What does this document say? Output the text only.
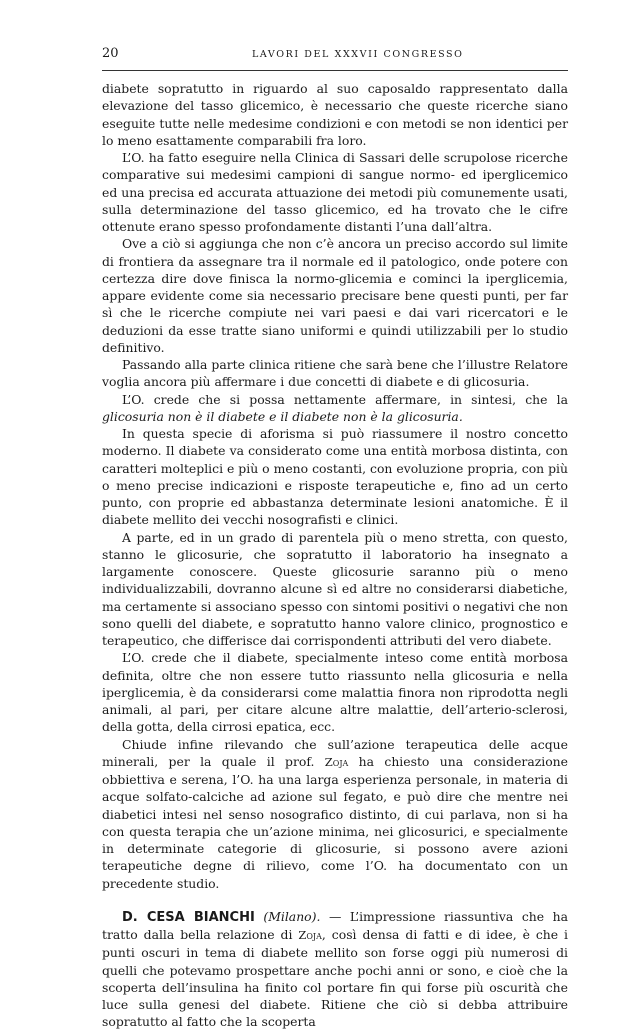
20	LAVORI DEL XXXVII CONGRESSO

diabete sopratutto in riguardo al suo caposaldo rappresentato dalla elevazione del tasso glicemico, è necessario che queste ricerche siano eseguite tutte nelle medesime condizioni e con metodi se non identici per lo meno esattamente comparabili fra loro.

L’O. ha fatto eseguire nella Clinica di Sassari delle scrupolose ricerche comparative sui medesimi campioni di sangue normo- ed iperglicemico ed una precisa ed accurata attuazione dei metodi più comunemente usati, sulla determinazione del tasso glicemico, ed ha trovato che le cifre ottenute erano spesso profondamente distanti l’una dall’altra.

Ove a ciò si aggiunga che non c’è ancora un preciso accordo sul limite di frontiera da assegnare tra il normale ed il patologico, onde potere con certezza dire dove finisca la normo-glicemia e cominci la iperglicemia, appare evidente come sia necessario precisare bene questi punti, per far sì che le ricerche compiute nei vari paesi e dai vari ricercatori e le deduzioni da esse tratte siano uniformi e quindi utilizzabili per lo studio definitivo.

Passando alla parte clinica ritiene che sarà bene che l’illustre Relatore voglia ancora più affermare i due concetti di diabete e di glicosuria.

L’O. crede che si possa nettamente affermare, in sintesi, che la glicosuria non è il diabete e il diabete non è la glicosuria.

In questa specie di aforisma si può riassumere il nostro concetto moderno. Il diabete va considerato come una entità morbosa distinta, con caratteri molteplici e più o meno costanti, con evoluzione propria, con più o meno precise indicazioni e risposte terapeutiche e, fino ad un certo punto, con proprie ed abbastanza determinate lesioni anatomiche. È il diabete mellito dei vecchi nosografisti e clinici.

A parte, ed in un grado di parentela più o meno stretta, con questo, stanno le glicosurie, che sopratutto il laboratorio ha insegnato a largamente conoscere. Queste glicosurie saranno più o meno individualizzabili, dovranno alcune sì ed altre no considerarsi diabetiche, ma certamente si associano spesso con sintomi positivi o negativi che non sono quelli del diabete, e sopratutto hanno valore clinico, prognostico e terapeutico, che differisce dai corrispondenti attributi del vero diabete.

L’O. crede che il diabete, specialmente inteso come entità morbosa definita, oltre che non essere tutto riassunto nella glicosuria e nella iperglicemia, è da considerarsi come malattia finora non riprodotta negli animali, al pari, per citare alcune altre malattie, dell’arterio-sclerosi, della gotta, della cirrosi epatica, ecc.

Chiude infine rilevando che sull’azione terapeutica delle acque minerali, per la quale il prof. Zoja ha chiesto una considerazione obbiettiva e serena, l’O. ha una larga esperienza personale, in materia di acque solfato-calciche ad azione sul fegato, e può dire che mentre nei diabetici intesi nel senso nosografico distinto, di cui parlava, non si ha con questa terapia che un’azione minima, nei glicosurici, e specialmente in determinate categorie di glicosurie, si possono avere azioni terapeutiche degne di rilievo, come l’O. ha documentato con un precedente studio.

D. CESA BIANCHI (Milano). — L’impressione riassuntiva che ha tratto dalla bella relazione di Zoja, così densa di fatti e di idee, è che i punti oscuri in tema di diabete mellito son forse oggi più numerosi di quelli che potevamo prospettare anche pochi anni or sono, e cioè che la scoperta dell’insulina ha finito col portare fin qui forse più oscurità che luce sulla genesi del diabete. Ritiene che ciò si debba attribuire sopratutto al fatto che la scoperta
